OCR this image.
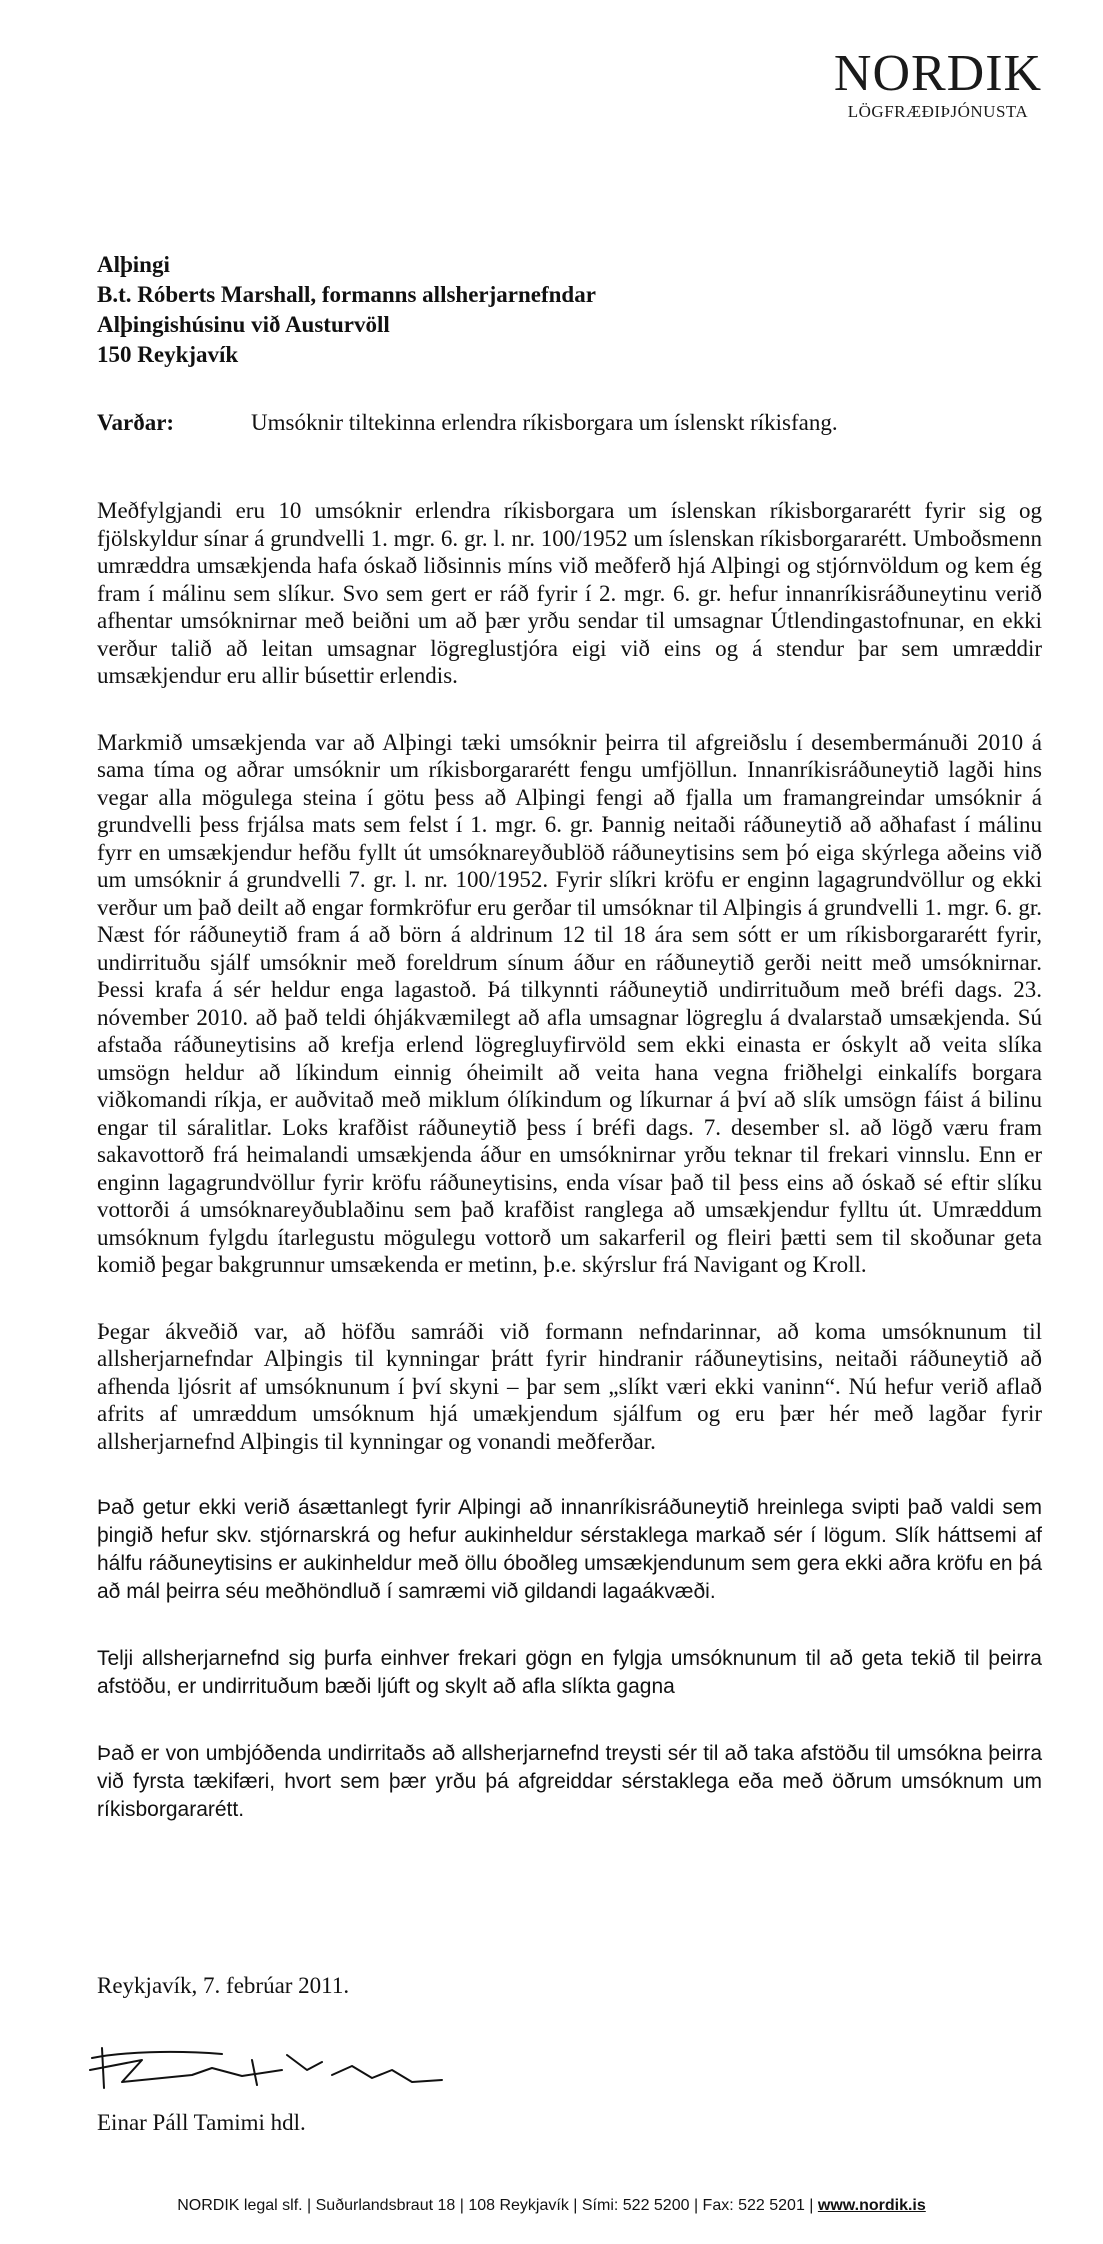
NORDIK
LÖGFRÆÐIÞJÓNUSTA
Alþingi
B.t. Róberts Marshall, formanns allsherjarnefndar
Alþingishúsinu við Austurvöll
150 Reykjavík
Varðar:	Umsóknir tiltekinna erlendra ríkisborgara um íslenskt ríkisfang.

Meðfylgjandi eru 10 umsóknir erlendra ríkisborgara um íslenskan ríkisborgararétt fyrir sig og fjölskyldur sínar á grundvelli 1. mgr. 6. gr. l. nr. 100/1952 um íslenskan ríkisborgararétt. Umboðsmenn umræddra umsækjenda hafa óskað liðsinnis míns við meðferð hjá Alþingi og stjórnvöldum og kem ég fram í málinu sem slíkur. Svo sem gert er ráð fyrir í 2. mgr. 6. gr. hefur innanríkisráðuneytinu verið afhentar umsóknirnar með beiðni um að þær yrðu sendar til umsagnar Útlendingastofnunar, en ekki verður talið að leitan umsagnar lögreglustjóra eigi við eins og á stendur þar sem umræddir umsækjendur eru allir búsettir erlendis.

Markmið umsækjenda var að Alþingi tæki umsóknir þeirra til afgreiðslu í desembermánuði 2010 á sama tíma og aðrar umsóknir um ríkisborgararétt fengu umfjöllun. Innanríkisráðuneytið lagði hins vegar alla mögulega steina í götu þess að Alþingi fengi að fjalla um framangreindar umsóknir á grundvelli þess frjálsa mats sem felst í 1. mgr. 6. gr. Þannig neitaði ráðuneytið að aðhafast í málinu fyrr en umsækjendur hefðu fyllt út umsóknareyðublöð ráðuneytisins sem þó eiga skýrlega aðeins við um umsóknir á grundvelli 7. gr. l. nr. 100/1952. Fyrir slíkri kröfu er enginn lagagrundvöllur og ekki verður um það deilt að engar formkröfur eru gerðar til umsóknar til Alþingis á grundvelli 1. mgr. 6. gr. Næst fór ráðuneytið fram á að börn á aldrinum 12 til 18 ára sem sótt er um ríkisborgararétt fyrir, undirrituðu sjálf umsóknir með foreldrum sínum áður en ráðuneytið gerði neitt með umsóknirnar. Þessi krafa á sér heldur enga lagastoð. Þá tilkynnti ráðuneytið undirrituðum með bréfi dags. 23. nóvember 2010. að það teldi óhjákvæmilegt að afla umsagnar lögreglu á dvalarstað umsækjenda. Sú afstaða ráðuneytisins að krefja erlend lögregluyfirvöld sem ekki einasta er óskylt að veita slíka umsögn heldur að líkindum einnig óheimilt að veita hana vegna friðhelgi einkalífs borgara viðkomandi ríkja, er auðvitað með miklum ólíkindum og líkurnar á því að slík umsögn fáist á bilinu engar til sáralitlar. Loks krafðist ráðuneytið þess í bréfi dags. 7. desember sl. að lögð væru fram sakavottorð frá heimalandi umsækjenda áður en umsóknirnar yrðu teknar til frekari vinnslu. Enn er enginn lagagrundvöllur fyrir kröfu ráðuneytisins, enda vísar það til þess eins að óskað sé eftir slíku vottorði á umsóknareyðublaðinu sem það krafðist ranglega að umsækjendur fylltu út. Umræddum umsóknum fylgdu ítarlegustu mögulegu vottorð um sakarferil og fleiri þætti sem til skoðunar geta komið þegar bakgrunnur umsækenda er metinn, þ.e. skýrslur frá Navigant og Kroll.

Þegar ákveðið var, að höfðu samráði við formann nefndarinnar, að koma umsóknunum til allsherjarnefndar Alþingis til kynningar þrátt fyrir hindranir ráðuneytisins, neitaði ráðuneytið að afhenda ljósrit af umsóknunum í því skyni – þar sem „slíkt væri ekki vaninn“. Nú hefur verið aflað afrits af umræddum umsóknum hjá umækjendum sjálfum og eru þær hér með lagðar fyrir allsherjarnefnd Alþingis til kynningar og vonandi meðferðar.

Það getur ekki verið ásættanlegt fyrir Alþingi að innanríkisráðuneytið hreinlega svipti það valdi sem þingið hefur skv. stjórnarskrá og hefur aukinheldur sérstaklega markað sér í lögum. Slík háttsemi af hálfu ráðuneytisins er aukinheldur með öllu óboðleg umsækjendunum sem gera ekki aðra kröfu en þá að mál þeirra séu meðhöndluð í samræmi við gildandi lagaákvæði.

Telji allsherjarnefnd sig þurfa einhver frekari gögn en fylgja umsóknunum til að geta tekið til þeirra afstöðu, er undirrituðum bæði ljúft og skylt að afla slíkta gagna

Það er von umbjóðenda undirritaðs að allsherjarnefnd treysti sér til að taka afstöðu til umsókna þeirra við fyrsta tækifæri, hvort sem þær yrðu þá afgreiddar sérstaklega eða með öðrum umsóknum um ríkisborgararétt.

Reykjavík, 7. febrúar 2011.
Einar Páll Tamimi hdl.
NORDIK legal slf. | Suðurlandsbraut 18 | 108 Reykjavík | Sími: 522 5200 | Fax: 522 5201 | www.nordik.is
